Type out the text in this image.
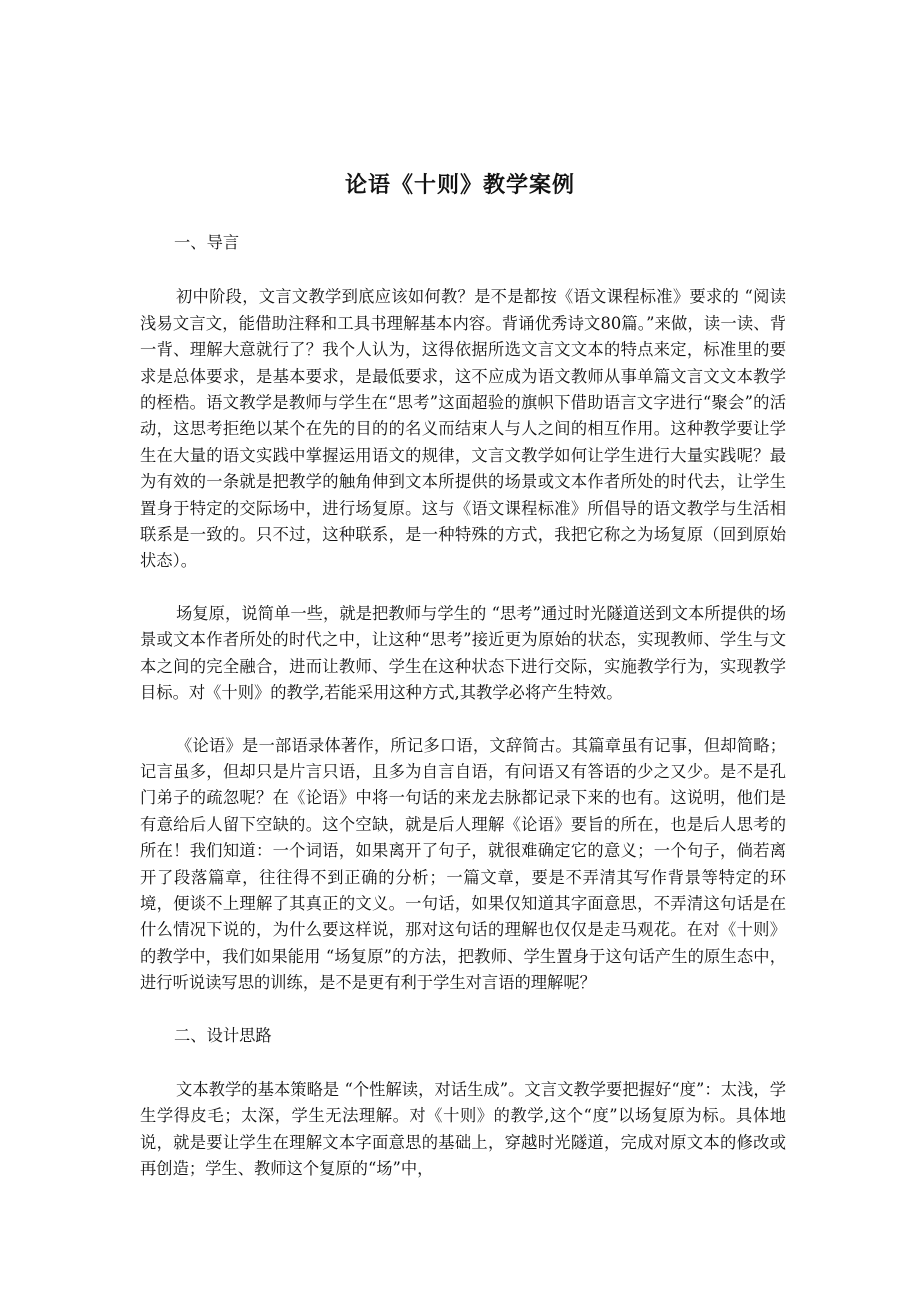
论语《十则》教学案例

一、导言

初中阶段，文言文教学到底应该如何教？是不是都按《语文课程标准》要求的 “阅读浅易文言文，能借助注释和工具书理解基本内容。背诵优秀诗文80篇。”来做，读一读、背一背、理解大意就行了？我个人认为，这得依据所选文言文文本的特点来定，标准里的要求是总体要求，是基本要求，是最低要求，这不应成为语文教师从事单篇文言文文本教学的桎梏。语文教学是教师与学生在“思考”这面超验的旗帜下借助语言文字进行“聚会”的活动，这思考拒绝以某个在先的目的的名义而结束人与人之间的相互作用。这种教学要让学生在大量的语文实践中掌握运用语文的规律，文言文教学如何让学生进行大量实践呢？最为有效的一条就是把教学的触角伸到文本所提供的场景或文本作者所处的时代去，让学生置身于特定的交际场中，进行场复原。这与《语文课程标准》所倡导的语文教学与生活相联系是一致的。只不过，这种联系，是一种特殊的方式，我把它称之为场复原（回到原始状态）。

场复原，说简单一些，就是把教师与学生的 “思考”通过时光隧道送到文本所提供的场景或文本作者所处的时代之中，让这种“思考”接近更为原始的状态，实现教师、学生与文本之间的完全融合，进而让教师、学生在这种状态下进行交际，实施教学行为，实现教学目标。对《十则》的教学,若能采用这种方式,其教学必将产生特效。

《论语》是一部语录体著作，所记多口语，文辞简古。其篇章虽有记事，但却简略；记言虽多，但却只是片言只语，且多为自言自语，有问语又有答语的少之又少。是不是孔门弟子的疏忽呢？在《论语》中将一句话的来龙去脉都记录下来的也有。这说明，他们是有意给后人留下空缺的。这个空缺，就是后人理解《论语》要旨的所在，也是后人思考的所在！我们知道：一个词语，如果离开了句子，就很难确定它的意义；一个句子，倘若离开了段落篇章，往往得不到正确的分析；一篇文章，要是不弄清其写作背景等特定的环境，便谈不上理解了其真正的文义。一句话，如果仅知道其字面意思，不弄清这句话是在什么情况下说的，为什么要这样说，那对这句话的理解也仅仅是走马观花。在对《十则》的教学中，我们如果能用 “场复原”的方法，把教师、学生置身于这句话产生的原生态中，进行听说读写思的训练，是不是更有利于学生对言语的理解呢？

二、设计思路

文本教学的基本策略是 “个性解读，对话生成”。文言文教学要把握好“度”：太浅，学生学得皮毛；太深，学生无法理解。对《十则》的教学,这个“度”以场复原为标。具体地说，就是要让学生在理解文本字面意思的基础上，穿越时光隧道，完成对原文本的修改或再创造；学生、教师这个复原的“场”中，
